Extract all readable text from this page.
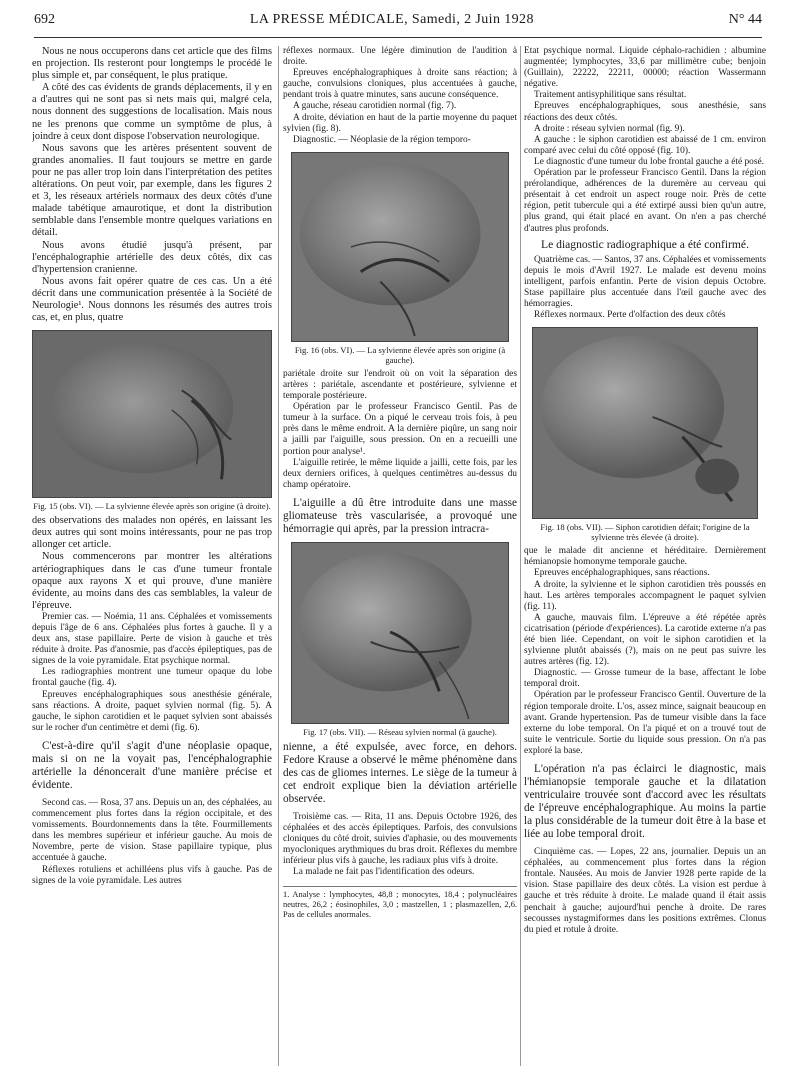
692	LA PRESSE MÉDICALE, Samedi, 2 Juin 1928	N° 44

Nous ne nous occuperons dans cet article que des films en projection. Ils resteront pour longtemps le procédé le plus simple et, par conséquent, le plus pratique.

A côté des cas évidents de grands déplacements, il y en a d'autres qui ne sont pas si nets mais qui, malgré cela, nous donnent des suggestions de localisation. Mais nous ne les prenons que comme un symptôme de plus, à joindre à ceux dont dispose l'observation neurologique.

Nous savons que les artères présentent souvent de grandes anomalies. Il faut toujours se mettre en garde pour ne pas aller trop loin dans l'interprétation des petites altérations. On peut voir, par exemple, dans les figures 2 et 3, les réseaux artériels normaux des deux côtés d'une malade tabétique amaurotique, et dont la distribution semblable dans l'ensemble montre quelques variations en détail.

Nous avons étudié jusqu'à présent, par l'encéphalographie artérielle des deux côtés, dix cas d'hypertension cranienne.

Nous avons fait opérer quatre de ces cas. Un a été décrit dans une communication présentée à la Société de Neurologie¹. Nous donnons les résumés des autres trois cas, et, en plus, quatre

Fig. 15 (obs. VI). — La sylvienne élevée après son origine (à droite).

des observations des malades non opérés, en laissant les deux autres qui sont moins intéressants, pour ne pas trop allonger cet article.

Nous commencerons par montrer les altérations artériographiques dans le cas d'une tumeur frontale opaque aux rayons X et qui prouve, d'une manière évidente, au moins dans des cas semblables, la valeur de l'épreuve.

Premier cas. — Noémia, 11 ans. Céphalées et vomissements depuis l'âge de 6 ans. Céphalées plus fortes à gauche. Il y a deux ans, stase papillaire. Perte de vision à gauche et très réduite à droite. Pas d'anosmie, pas d'accès épileptiques, pas de signes de la voie pyramidale. Etat psychique normal.

Les radiographies montrent une tumeur opaque du lobe frontal gauche (fig. 4).

Epreuves encéphalographiques sous anesthésie générale, sans réactions. A droite, paquet sylvien normal (fig. 5). A gauche, le siphon carotidien et le paquet sylvien sont abaissés sur le rocher d'un centimètre et demi (fig. 6).

C'est-à-dire qu'il s'agit d'une néoplasie opaque, mais si on ne la voyait pas, l'encéphalographie artérielle la dénoncerait d'une manière précise et évidente.

Second cas. — Rosa, 37 ans. Depuis un an, des céphalées, au commencement plus fortes dans la région occipitale, et des vomissements. Bourdonnements dans la tête. Fourmillements dans les membres supérieur et inférieur gauche. Au mois de Novembre, perte de vision. Stase papillaire typique, plus accentuée à gauche.

Réflexes rotuliens et achilléens plus vifs à gauche. Pas de signes de la voie pyramidale. Les autres

réflexes normaux. Une légère diminution de l'audition à droite.

Epreuves encéphalographiques à droite sans réaction; à gauche, convulsions cloniques, plus accentuées à gauche, pendant trois à quatre minutes, sans aucune conséquence.

A gauche, réseau carotidien normal (fig. 7).

A droite, déviation en haut de la partie moyenne du paquet sylvien (fig. 8).

Diagnostic. — Néoplasie de la région temporo-

Fig. 16 (obs. VI). — La sylvienne élevée après son origine (à gauche).

pariétale droite sur l'endroit où on voit la séparation des artères : pariétale, ascendante et postérieure, sylvienne et temporale postérieure.

Opération par le professeur Francisco Gentil. Pas de tumeur à la surface. On a piqué le cerveau trois fois, à peu près dans le même endroit. A la dernière piqûre, un sang noir a jailli par l'aiguille, sous pression. On en a recueilli une portion pour analyse¹.

L'aiguille retirée, le même liquide a jailli, cette fois, par les deux derniers orifices, à quelques centimètres au-dessus du champ opératoire.

L'aiguille a dû être introduite dans une masse gliomateuse très vascularisée, a provoqué une hémorragie qui après, par la pression intracra-

Fig. 17 (obs. VII). — Réseau sylvien normal (à gauche).

nienne, a été expulsée, avec force, en dehors. Fedore Krause a observé le même phénomène dans des cas de gliomes internes. Le siège de la tumeur à cet endroit explique bien la déviation artérielle observée.

Troisième cas. — Rita, 11 ans. Depuis Octobre 1926, des céphalées et des accès épileptiques. Parfois, des convulsions cloniques du côté droit, suivies d'aphasie, ou des mouvements myocloniques arythmiques du bras droit. Réflexes du membre inférieur plus vifs à gauche, les radiaux plus vifs à droite.

La malade ne fait pas l'identification des odeurs.

1. Analyse : lymphocytes, 48,8 ; monocytes, 18,4 ; polynucléaires neutres, 26,2 ; éosinophiles, 3,0 ; mastzellen, 1 ; plasmazellen, 2,6. Pas de cellules anormales.

Etat psychique normal. Liquide céphalo-rachidien : albumine augmentée; lymphocytes, 33,6 par millimètre cube; benjoin (Guillain), 22222, 22211, 00000; réaction Wassermann négative.

Traitement antisyphilitique sans résultat.

Epreuves encéphalographiques, sous anesthésie, sans réactions des deux côtés.

A droite : réseau sylvien normal (fig. 9).

A gauche : le siphon carotidien est abaissé de 1 cm. environ comparé avec celui du côté opposé (fig. 10).

Le diagnostic d'une tumeur du lobe frontal gauche a été posé.

Opération par le professeur Francisco Gentil. Dans la région prérolandique, adhérences de la duremère au cerveau qui présentait à cet endroit un aspect rouge noir. Près de cette région, petit tubercule qui a été extirpé aussi bien qu'un autre, plus grand, qui était placé en avant. On n'en a pas cherché d'autres plus profonds.

Le diagnostic radiographique a été confirmé.

Quatrième cas. — Santos, 37 ans. Céphalées et vomissements depuis le mois d'Avril 1927. Le malade est devenu moins intelligent, parfois enfantin. Perte de vision depuis Octobre. Stase papillaire plus accentuée dans l'œil gauche avec des hémorragies.

Réflexes normaux. Perte d'olfaction des deux côtés

Fig. 18 (obs. VII). — Siphon carotidien défait; l'origine de la sylvienne très élevée (à droite).

que le malade dit ancienne et héréditaire. Dernièrement hémianopsie homonyme temporale gauche.

Epreuves encéphalographiques, sans réactions.

A droite, la sylvienne et le siphon carotidien très poussés en haut. Les artères temporales accompagnent le paquet sylvien (fig. 11).

A gauche, mauvais film. L'épreuve a été répétée après cicatrisation (période d'expériences). La carotide externe n'a pas été bien liée. Cependant, on voit le siphon carotidien et la sylvienne plutôt abaissés (?), mais on ne peut pas suivre les autres artères (fig. 12).

Diagnostic. — Grosse tumeur de la base, affectant le lobe temporal droit.

Opération par le professeur Francisco Gentil. Ouverture de la région temporale droite. L'os, assez mince, saignait beaucoup en avant. Grande hypertension. Pas de tumeur visible dans la face externe du lobe temporal. On l'a piqué et on a trouvé tout de suite le ventricule. Sortie du liquide sous pression. On n'a pas exploré la base.

L'opération n'a pas éclairci le diagnostic, mais l'hémianopsie temporale gauche et la dilatation ventriculaire trouvée sont d'accord avec les résultats de l'épreuve encéphalographique. Au moins la partie la plus considérable de la tumeur doit être à la base et liée au lobe temporal droit.

Cinquième cas. — Lopes, 22 ans, journalier. Depuis un an céphalées, au commencement plus fortes dans la région frontale. Nausées. Au mois de Janvier 1928 perte rapide de la vision. Stase papillaire des deux côtés. La vision est perdue à gauche et très réduite à droite. Le malade quand il était assis penchait à gauche; aujourd'hui penche à droite. De rares secousses nystagmiformes dans les positions extrêmes. Clonus du pied et rotule à droite.
